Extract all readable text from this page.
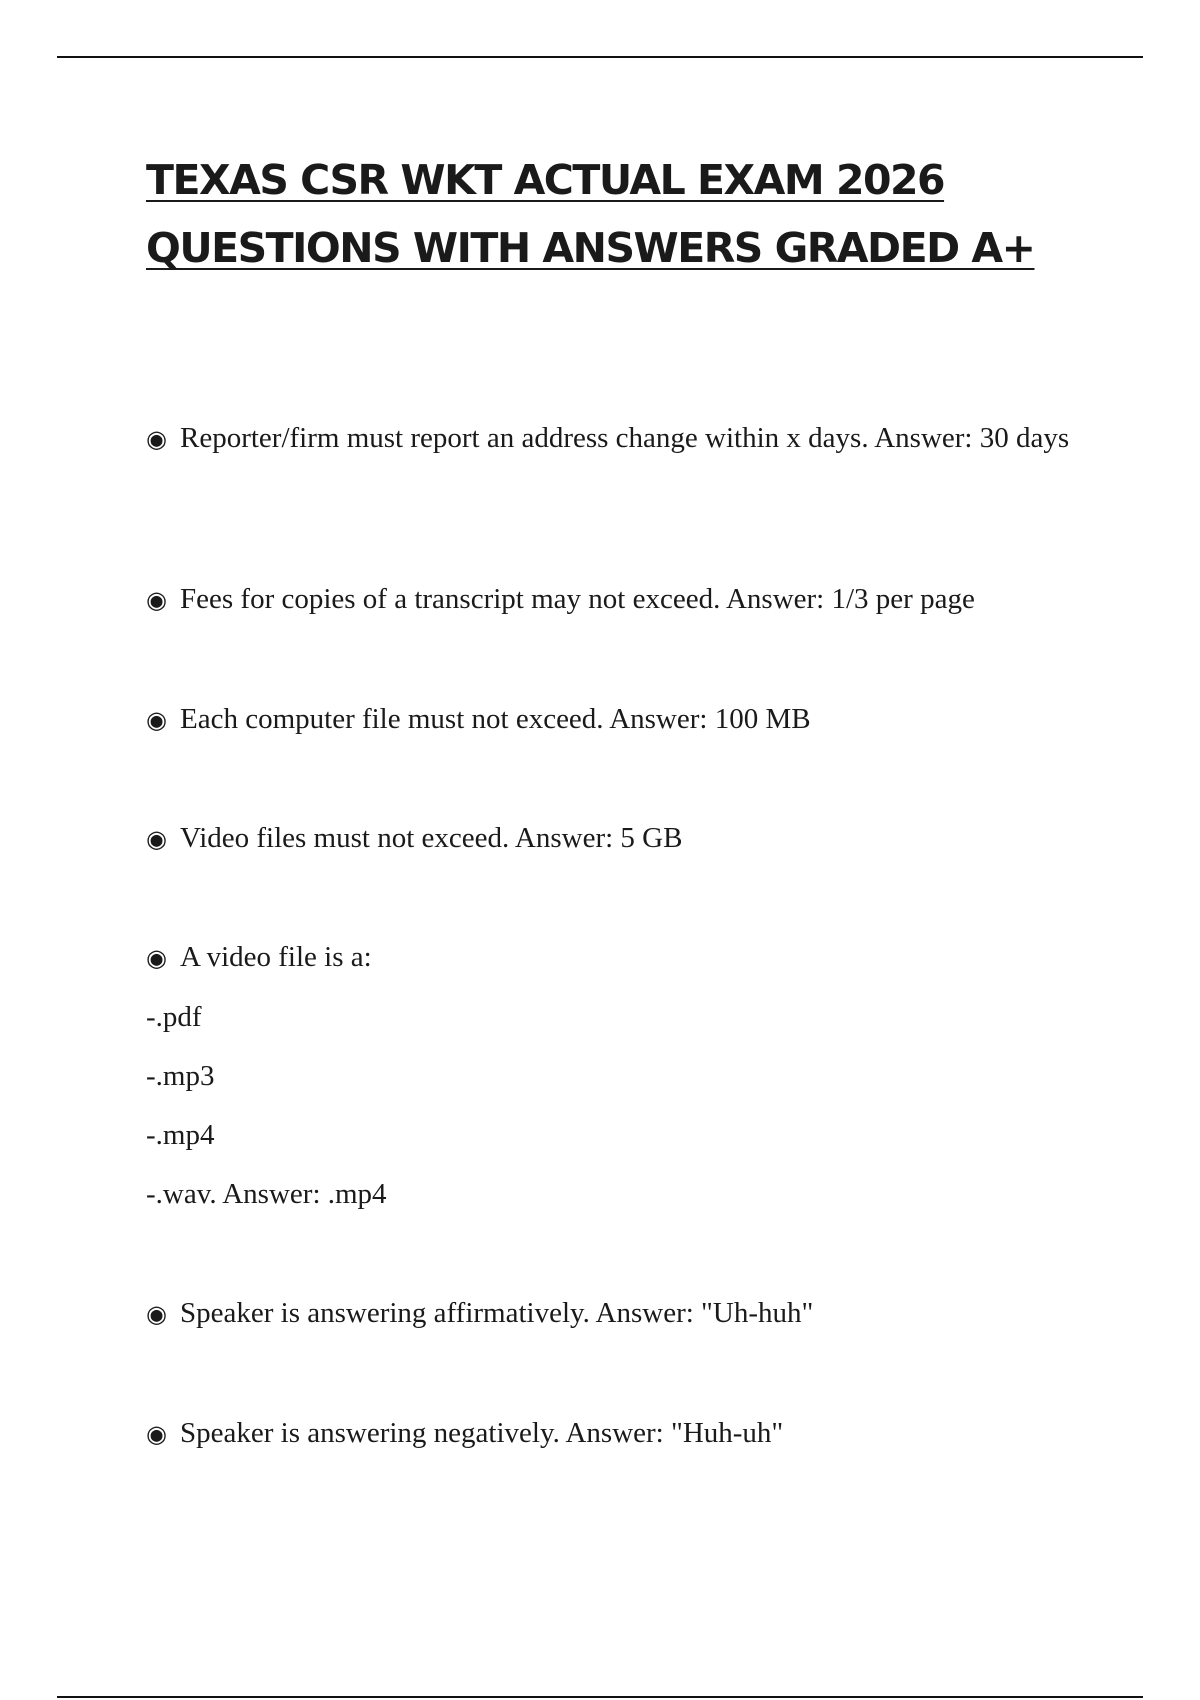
TEXAS CSR WKT ACTUAL EXAM 2026
QUESTIONS WITH ANSWERS GRADED A+

◉ Reporter/firm must report an address change within x days. Answer: 30 days

◉ Fees for copies of a transcript may not exceed. Answer: 1/3 per page

◉ Each computer file must not exceed. Answer: 100 MB

◉ Video files must not exceed. Answer: 5 GB

◉ A video file is a:

-.pdf

-.mp3

-.mp4

-.wav. Answer: .mp4

◉ Speaker is answering affirmatively. Answer: "Uh-huh"

◉ Speaker is answering negatively. Answer: "Huh-uh"
